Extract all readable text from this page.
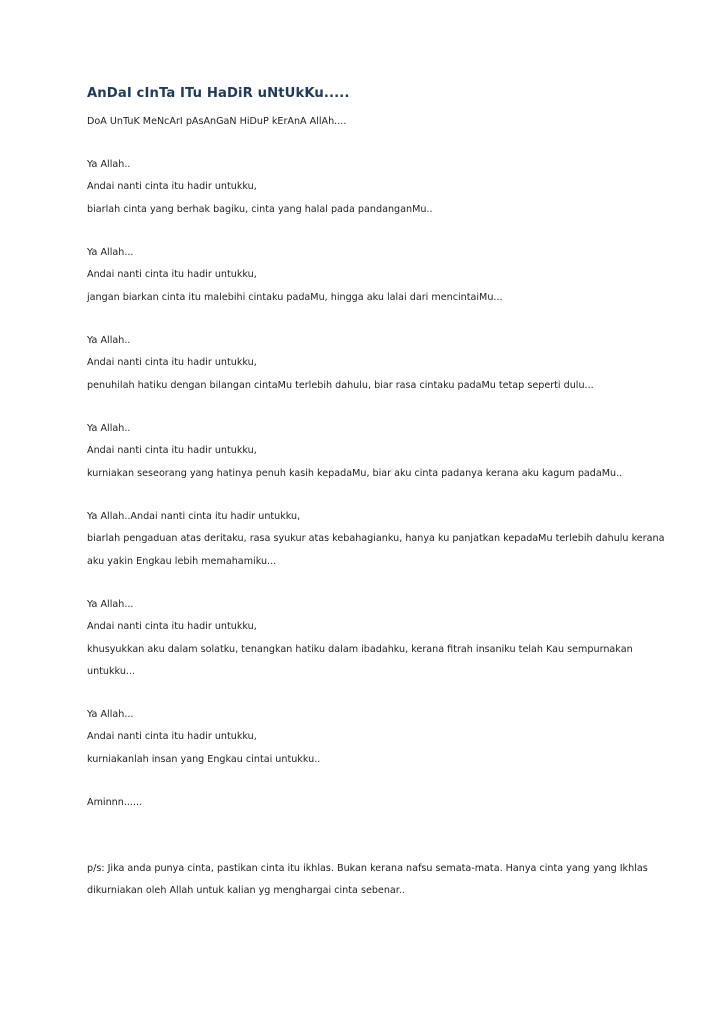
AnDaI cInTa ITu HaDiR uNtUkKu.....
DoA UnTuK MeNcArI pAsAnGaN HiDuP kErAnA AllAh....
Ya Allah..
Andai nanti cinta itu hadir untukku,
biarlah cinta yang berhak bagiku, cinta yang halal pada pandanganMu..
Ya Allah...
Andai nanti cinta itu hadir untukku,
jangan biarkan cinta itu malebihi cintaku padaMu, hingga aku lalai dari mencintaiMu...
Ya Allah..
Andai nanti cinta itu hadir untukku,
penuhilah hatiku dengan bilangan cintaMu terlebih dahulu, biar rasa cintaku padaMu tetap seperti dulu...
Ya Allah..
Andai nanti cinta itu hadir untukku,
kurniakan seseorang yang hatinya penuh kasih kepadaMu, biar aku cinta padanya kerana aku kagum padaMu..
Ya Allah..Andai nanti cinta itu hadir untukku,
biarlah pengaduan atas deritaku, rasa syukur atas kebahagianku, hanya ku panjatkan kepadaMu terlebih dahulu kerana
aku yakin Engkau lebih memahamiku...
Ya Allah...
Andai nanti cinta itu hadir untukku,
khusyukkan aku dalam solatku, tenangkan hatiku dalam ibadahku, kerana fitrah insaniku telah Kau sempurnakan
untukku...
Ya Allah...
Andai nanti cinta itu hadir untukku,
kurniakanlah insan yang Engkau cintai untukku..
Aminnn......
p/s: Jika anda punya cinta, pastikan cinta itu ikhlas. Bukan kerana nafsu semata-mata. Hanya cinta yang yang Ikhlas
dikurniakan oleh Allah untuk kalian yg menghargai cinta sebenar..
